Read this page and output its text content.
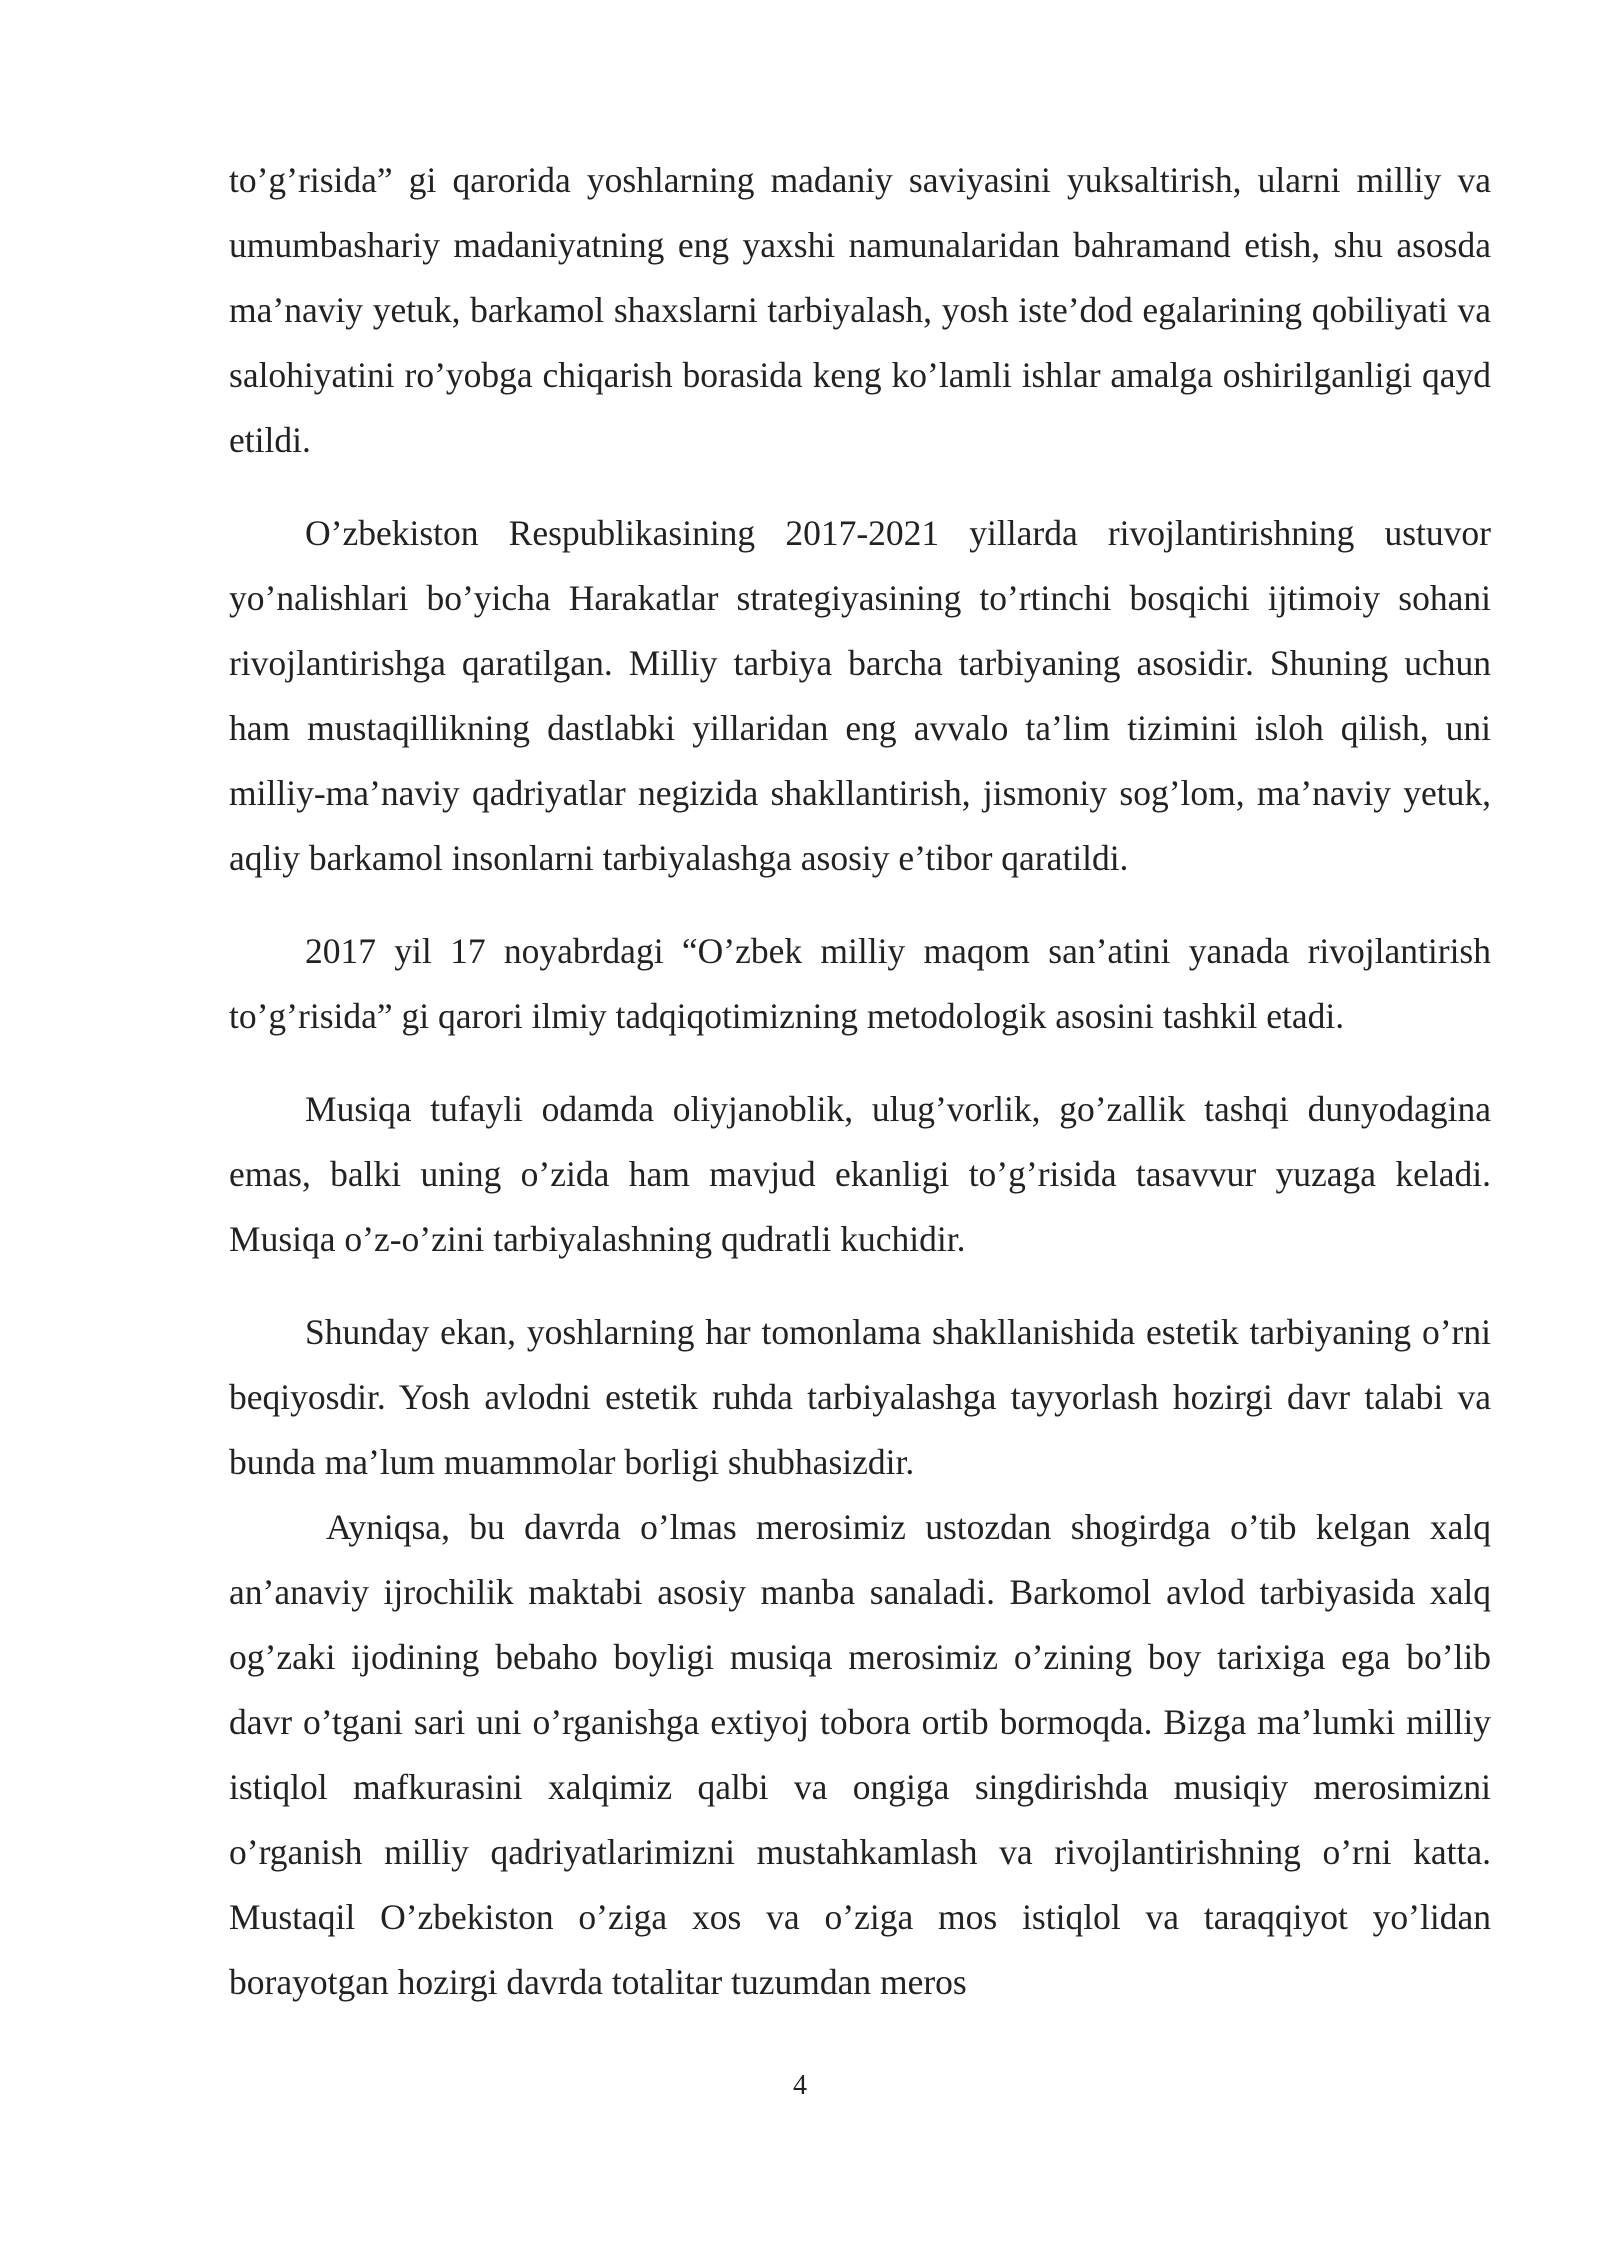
to’g’risida” gi qarorida yoshlarning madaniy saviyasini yuksaltirish, ularni milliy va umumbashariy madaniyatning eng yaxshi namunalaridan bahramand etish, shu asosda ma’naviy yetuk, barkamol shaxslarni tarbiyalash, yosh iste’dod egalarining qobiliyati va salohiyatini ro’yobga chiqarish borasida keng ko’lamli ishlar amalga oshirilganligi qayd etildi.

O’zbekiston Respublikasining 2017-2021 yillarda rivojlantirishning ustuvor yo’nalishlari bo’yicha Harakatlar strategiyasining to’rtinchi bosqichi ijtimoiy sohani rivojlantirishga qaratilgan. Milliy tarbiya barcha tarbiyaning asosidir. Shuning uchun ham mustaqillikning dastlabki yillaridan eng avvalo ta’lim tizimini isloh qilish, uni milliy-ma’naviy qadriyatlar negizida shakllantirish, jismoniy sog’lom, ma’naviy yetuk, aqliy barkamol insonlarni tarbiyalashga asosiy e’tibor qaratildi.

2017 yil 17 noyabrdagi “O’zbek milliy maqom san’atini yanada rivojlantirish to’g’risida” gi qarori ilmiy tadqiqotimizning metodologik asosini tashkil etadi.

Musiqa tufayli odamda oliyjanoblik, ulug’vorlik, go’zallik tashqi dunyodagina emas, balki uning o’zida ham mavjud ekanligi to’g’risida tasavvur yuzaga keladi. Musiqa o’z-o’zini tarbiyalashning qudratli kuchidir.

Shunday ekan, yoshlarning har tomonlama shakllanishida estetik tarbiyaning o’rni beqiyosdir. Yosh avlodni estetik ruhda tarbiyalashga tayyorlash hozirgi davr talabi va bunda ma’lum muammolar borligi shubhasizdir.

Ayniqsa, bu davrda o’lmas merosimiz ustozdan shogirdga o’tib kelgan xalq an’anaviy ijrochilik maktabi asosiy manba sanaladi. Barkomol avlod tarbiyasida xalq og’zaki ijodining bebaho boyligi musiqa merosimiz o’zining boy tarixiga ega bo’lib davr o’tgani sari uni o’rganishga extiyoj tobora ortib bormoqda. Bizga ma’lumki milliy istiqlol mafkurasini xalqimiz qalbi va ongiga singdirishda musiqiy merosimizni o’rganish milliy qadriyatlarimizni mustahkamlash va rivojlantirishning o’rni katta. Mustaqil O’zbekiston o’ziga xos va o’ziga mos istiqlol va taraqqiyot yo’lidan borayotgan hozirgi davrda totalitar tuzumdan meros

4
